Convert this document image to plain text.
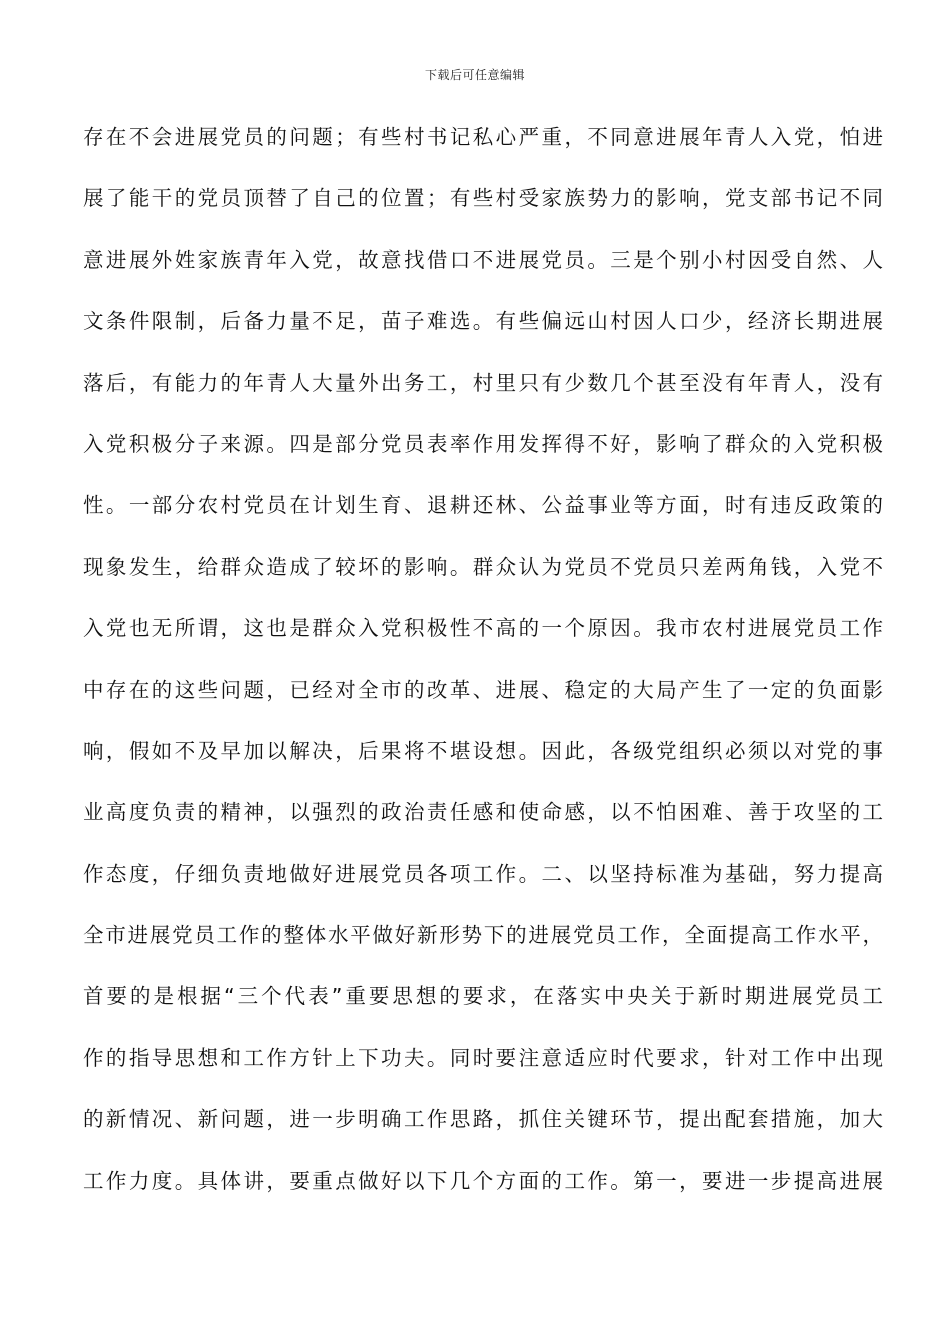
下载后可任意编辑
存在不会进展党员的问题；有些村书记私心严重，不同意进展年青人入党，怕进
展了能干的党员顶替了自己的位置；有些村受家族势力的影响，党支部书记不同
意进展外姓家族青年入党，故意找借口不进展党员。三是个别小村因受自然、人
文条件限制，后备力量不足，苗子难选。有些偏远山村因人口少，经济长期进展
落后，有能力的年青人大量外出务工，村里只有少数几个甚至没有年青人，没有
入党积极分子来源。四是部分党员表率作用发挥得不好，影响了群众的入党积极
性。一部分农村党员在计划生育、退耕还林、公益事业等方面，时有违反政策的
现象发生，给群众造成了较坏的影响。群众认为党员不党员只差两角钱，入党不
入党也无所谓，这也是群众入党积极性不高的一个原因。我市农村进展党员工作
中存在的这些问题，已经对全市的改革、进展、稳定的大局产生了一定的负面影
响，假如不及早加以解决，后果将不堪设想。因此，各级党组织必须以对党的事
业高度负责的精神，以强烈的政治责任感和使命感，以不怕困难、善于攻坚的工
作态度，仔细负责地做好进展党员各项工作。二、以坚持标准为基础，努力提高
全市进展党员工作的整体水平做好新形势下的进展党员工作，全面提高工作水平，
首要的是根据“三个代表”重要思想的要求，在落实中央关于新时期进展党员工
作的指导思想和工作方针上下功夫。同时要注意适应时代要求，针对工作中出现
的新情况、新问题，进一步明确工作思路，抓住关键环节，提出配套措施，加大
工作力度。具体讲，要重点做好以下几个方面的工作。第一，要进一步提高进展
